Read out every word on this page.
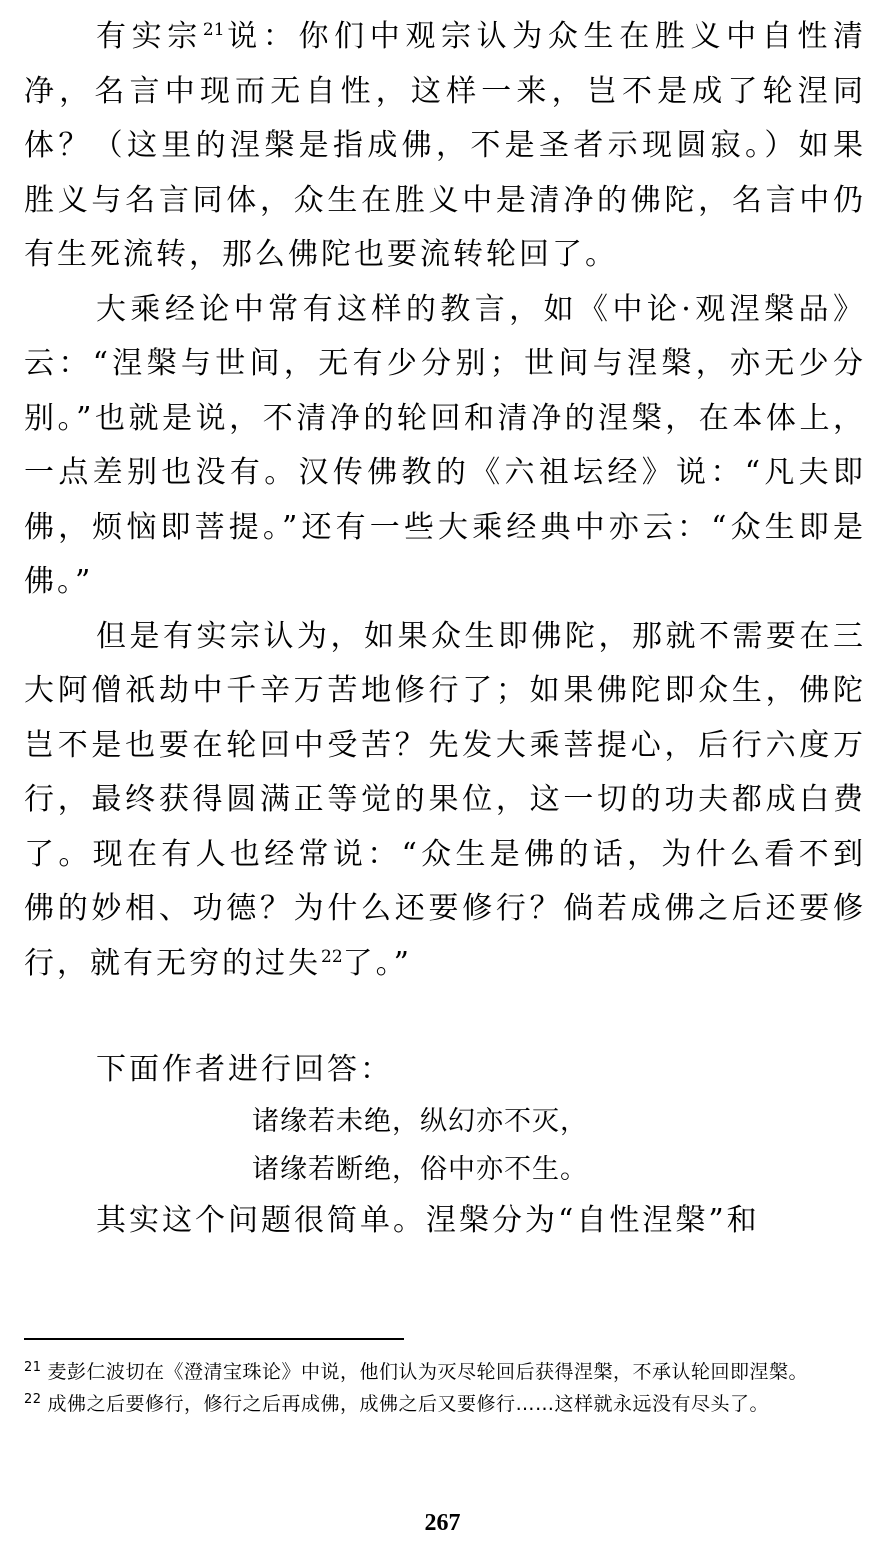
有实宗$^{21}$说：你们中观宗认为众生在胜义中自性清净，名言中现而无自性，这样一来，岂不是成了轮涅同体？（这里的涅槃是指成佛，不是圣者示现圆寂。）如果胜义与名言同体，众生在胜义中是清净的佛陀，名言中仍有生死流转，那么佛陀也要流转轮回了。

大乘经论中常有这样的教言，如《中论·观涅槃品》云：“涅槃与世间，无有少分别；世间与涅槃，亦无少分别。”也就是说，不清净的轮回和清净的涅槃，在本体上，一点差别也没有。汉传佛教的《六祖坛经》说：“凡夫即佛，烦恼即菩提。”还有一些大乘经典中亦云：“众生即是佛。”

但是有实宗认为，如果众生即佛陀，那就不需要在三大阿僧祇劫中千辛万苦地修行了；如果佛陀即众生，佛陀岂不是也要在轮回中受苦？先发大乘菩提心，后行六度万行，最终获得圆满正等觉的果位，这一切的功夫都成白费了。现在有人也经常说：“众生是佛的话，为什么看不到佛的妙相、功德？为什么还要修行？倘若成佛之后还要修行，就有无穷的过失$^{22}$了。”

下面作者进行回答：

诸缘若未绝，纵幻亦不灭，

诸缘若断绝，俗中亦不生。

其实这个问题很简单。涅槃分为“自性涅槃”和

$^{21}$ 麦彭仁波切在《澄清宝珠论》中说，他们认为灭尽轮回后获得涅槃，不承认轮回即涅槃。

$^{22}$ 成佛之后要修行，修行之后再成佛，成佛之后又要修行……这样就永远没有尽头了。

267
